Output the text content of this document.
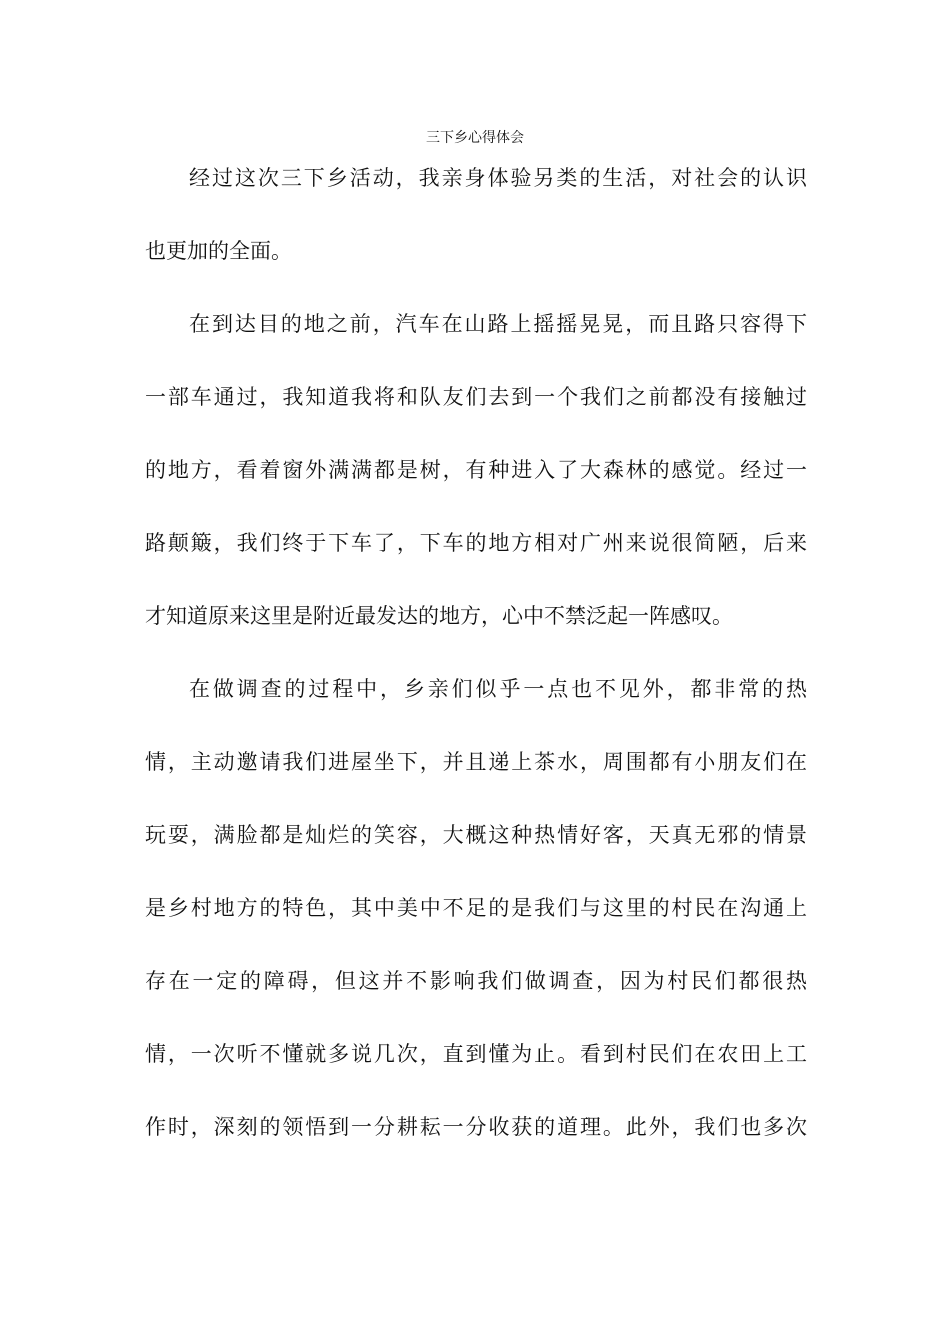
三下乡心得体会
经过这次三下乡活动，我亲身体验另类的生活，对社会的认识
也更加的全面。
在到达目的地之前，汽车在山路上摇摇晃晃，而且路只容得下
一部车通过，我知道我将和队友们去到一个我们之前都没有接触过
的地方，看着窗外满满都是树，有种进入了大森林的感觉。经过一
路颠簸，我们终于下车了，下车的地方相对广州来说很简陋，后来
才知道原来这里是附近最发达的地方，心中不禁泛起一阵感叹。
在做调查的过程中，乡亲们似乎一点也不见外，都非常的热
情，主动邀请我们进屋坐下，并且递上茶水，周围都有小朋友们在
玩耍，满脸都是灿烂的笑容，大概这种热情好客，天真无邪的情景
是乡村地方的特色，其中美中不足的是我们与这里的村民在沟通上
存在一定的障碍，但这并不影响我们做调查，因为村民们都很热
情，一次听不懂就多说几次，直到懂为止。看到村民们在农田上工
作时，深刻的领悟到一分耕耘一分收获的道理。此外，我们也多次
